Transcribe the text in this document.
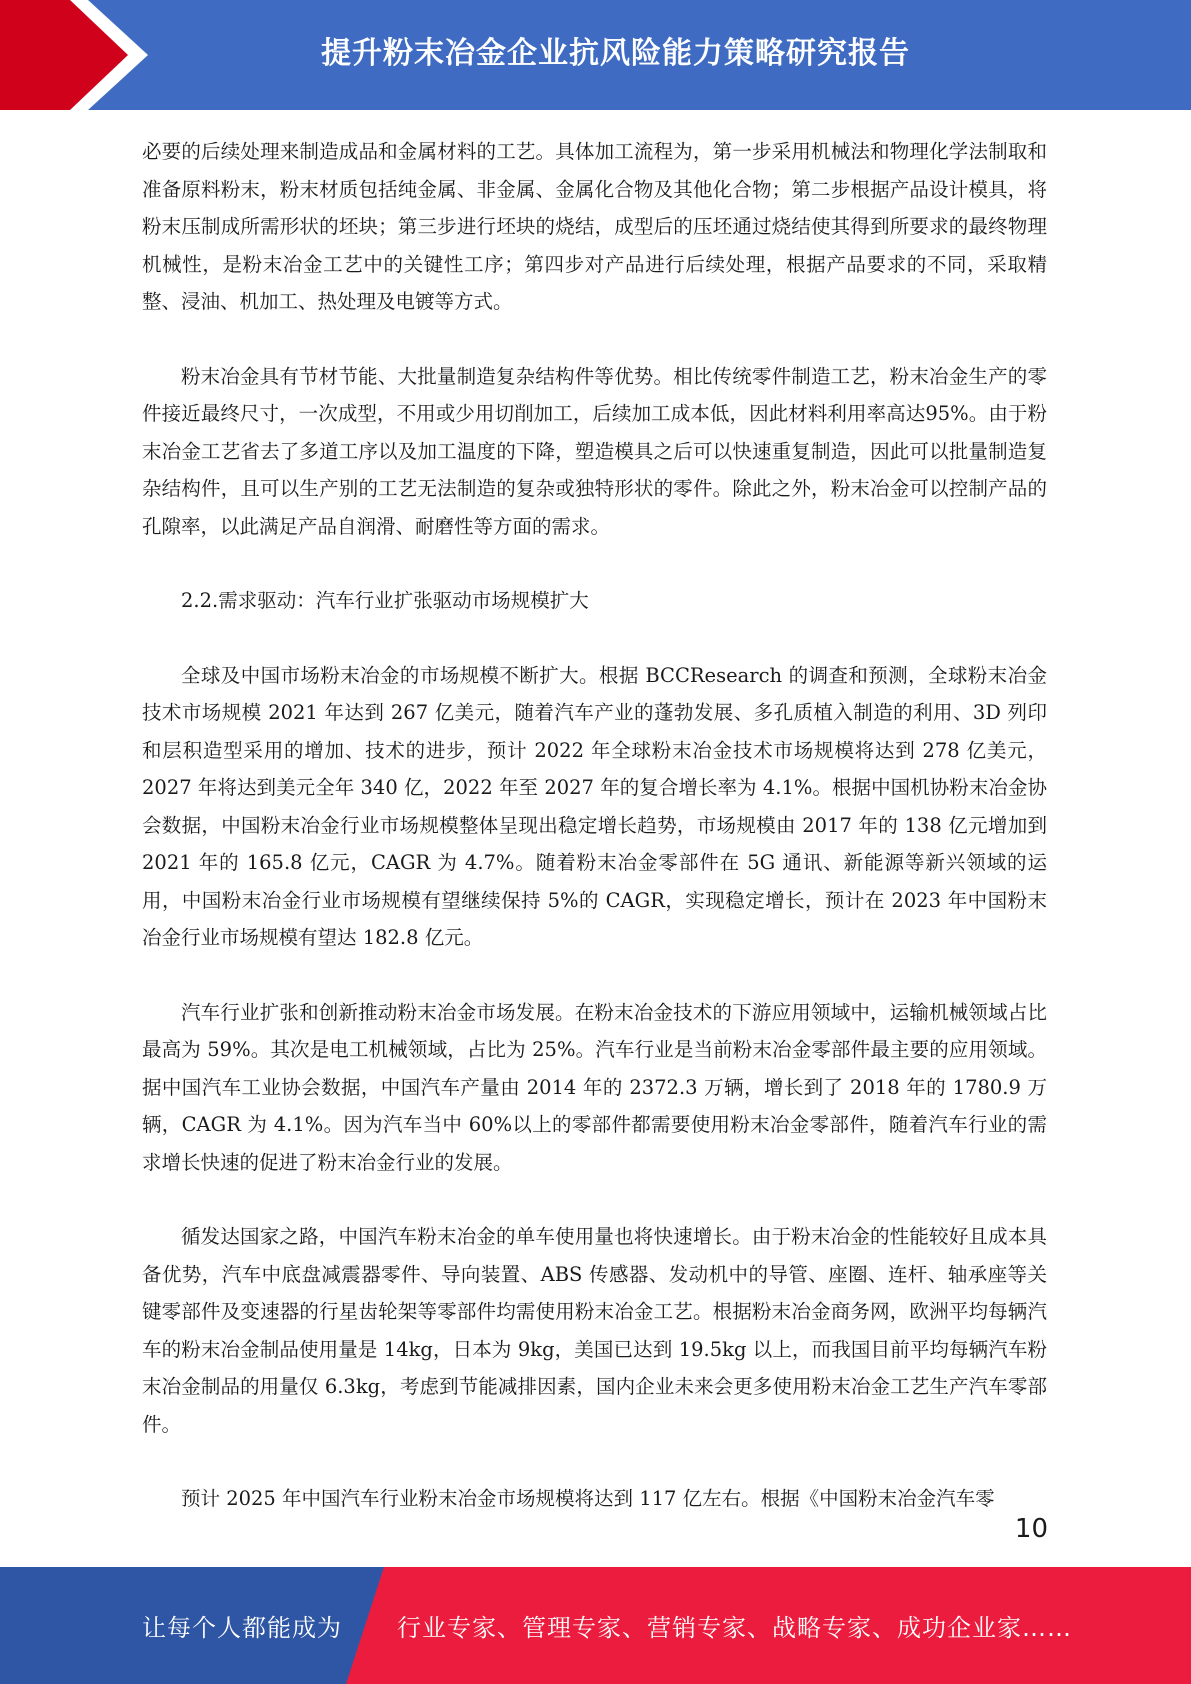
提升粉末冶金企业抗风险能力策略研究报告

必要的后续处理来制造成品和金属材料的工艺。具体加工流程为，第一步采用机械法和物理化学法制取和准备原料粉末，粉末材质包括纯金属、非金属、金属化合物及其他化合物；第二步根据产品设计模具，将粉末压制成所需形状的坯块；第三步进行坯块的烧结，成型后的压坯通过烧结使其得到所要求的最终物理机械性，是粉末冶金工艺中的关键性工序；第四步对产品进行后续处理，根据产品要求的不同，采取精整、浸油、机加工、热处理及电镀等方式。

粉末冶金具有节材节能、大批量制造复杂结构件等优势。相比传统零件制造工艺，粉末冶金生产的零件接近最终尺寸，一次成型，不用或少用切削加工，后续加工成本低，因此材料利用率高达95%。由于粉末冶金工艺省去了多道工序以及加工温度的下降，塑造模具之后可以快速重复制造，因此可以批量制造复杂结构件，且可以生产别的工艺无法制造的复杂或独特形状的零件。除此之外，粉末冶金可以控制产品的孔隙率，以此满足产品自润滑、耐磨性等方面的需求。

2.2.需求驱动：汽车行业扩张驱动市场规模扩大

全球及中国市场粉末冶金的市场规模不断扩大。根据 BCCResearch 的调查和预测，全球粉末冶金技术市场规模 2021 年达到 267 亿美元，随着汽车产业的蓬勃发展、多孔质植入制造的利用、3D 列印和层积造型采用的增加、技术的进步，预计 2022 年全球粉末冶金技术市场规模将达到 278 亿美元，2027 年将达到美元全年 340 亿，2022 年至 2027 年的复合增长率为 4.1%。根据中国机协粉末冶金协会数据，中国粉末冶金行业市场规模整体呈现出稳定增长趋势，市场规模由 2017 年的 138 亿元增加到 2021 年的 165.8 亿元，CAGR 为 4.7%。随着粉末冶金零部件在 5G 通讯、新能源等新兴领域的运用，中国粉末冶金行业市场规模有望继续保持 5%的 CAGR，实现稳定增长，预计在 2023 年中国粉末冶金行业市场规模有望达 182.8 亿元。

汽车行业扩张和创新推动粉末冶金市场发展。在粉末冶金技术的下游应用领域中，运输机械领域占比最高为 59%。其次是电工机械领域，占比为 25%。汽车行业是当前粉末冶金零部件最主要的应用领域。据中国汽车工业协会数据，中国汽车产量由 2014 年的 2372.3 万辆，增长到了 2018 年的 1780.9 万辆，CAGR 为 4.1%。因为汽车当中 60%以上的零部件都需要使用粉末冶金零部件，随着汽车行业的需求增长快速的促进了粉末冶金行业的发展。

循发达国家之路，中国汽车粉末冶金的单车使用量也将快速增长。由于粉末冶金的性能较好且成本具备优势，汽车中底盘减震器零件、导向装置、ABS 传感器、发动机中的导管、座圈、连杆、轴承座等关键零部件及变速器的行星齿轮架等零部件均需使用粉末冶金工艺。根据粉末冶金商务网，欧洲平均每辆汽车的粉末冶金制品使用量是 14kg，日本为 9kg，美国已达到 19.5kg 以上，而我国目前平均每辆汽车粉末冶金制品的用量仅 6.3kg，考虑到节能减排因素，国内企业未来会更多使用粉末冶金工艺生产汽车零部件。

预计 2025 年中国汽车行业粉末冶金市场规模将达到 117 亿左右。根据《中国粉末冶金汽车零

10
让每个人都能成为 行业专家、管理专家、营销专家、战略专家、成功企业家……
